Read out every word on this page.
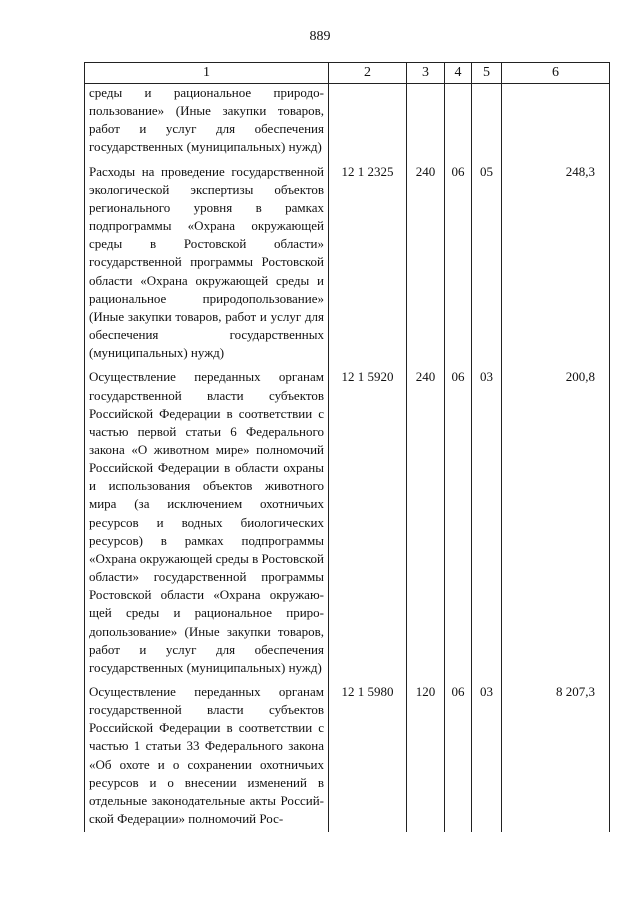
889
1	2	3	4	5	6
среды и рациональное природопользование» (Иные закупки товаров, работ и услуг для обеспечения государственных (муниципальных) нужд)					
Расходы на проведение государственной экологической экспертизы объектов регионального уровня в рамках подпрограммы «Охрана окружающей среды в Ростовской области» государственной программы Ростовской области «Охрана окружающей среды и рациональное природопользование» (Иные закупки товаров, работ и услуг для обеспечения государственных (муниципальных) нужд)	12 1 2325	240	06	05	248,3
Осуществление переданных органам государственной власти субъектов Российской Федерации в соответствии с частью первой статьи 6 Федерального закона «О животном мире» полномочий Российской Федерации в области охраны и использования объектов животного мира (за исключением охотничьих ресурсов и водных биологических ресурсов) в рамках подпрограммы «Охрана окружающей среды в Ростовской области» государственной программы Ростовской области «Охрана окружающей среды и рациональное природопользование» (Иные закупки товаров, работ и услуг для обеспечения государственных (муниципальных) нужд)	12 1 5920	240	06	03	200,8
Осуществление переданных органам государственной власти субъектов Российской Федерации в соответствии с частью 1 статьи 33 Федерального закона «Об охоте и о сохранении охотничьих ресурсов и о внесении изменений в отдельные законодательные акты Российской Федерации» полномочий Рос-	12 1 5980	120	06	03	8 207,3
